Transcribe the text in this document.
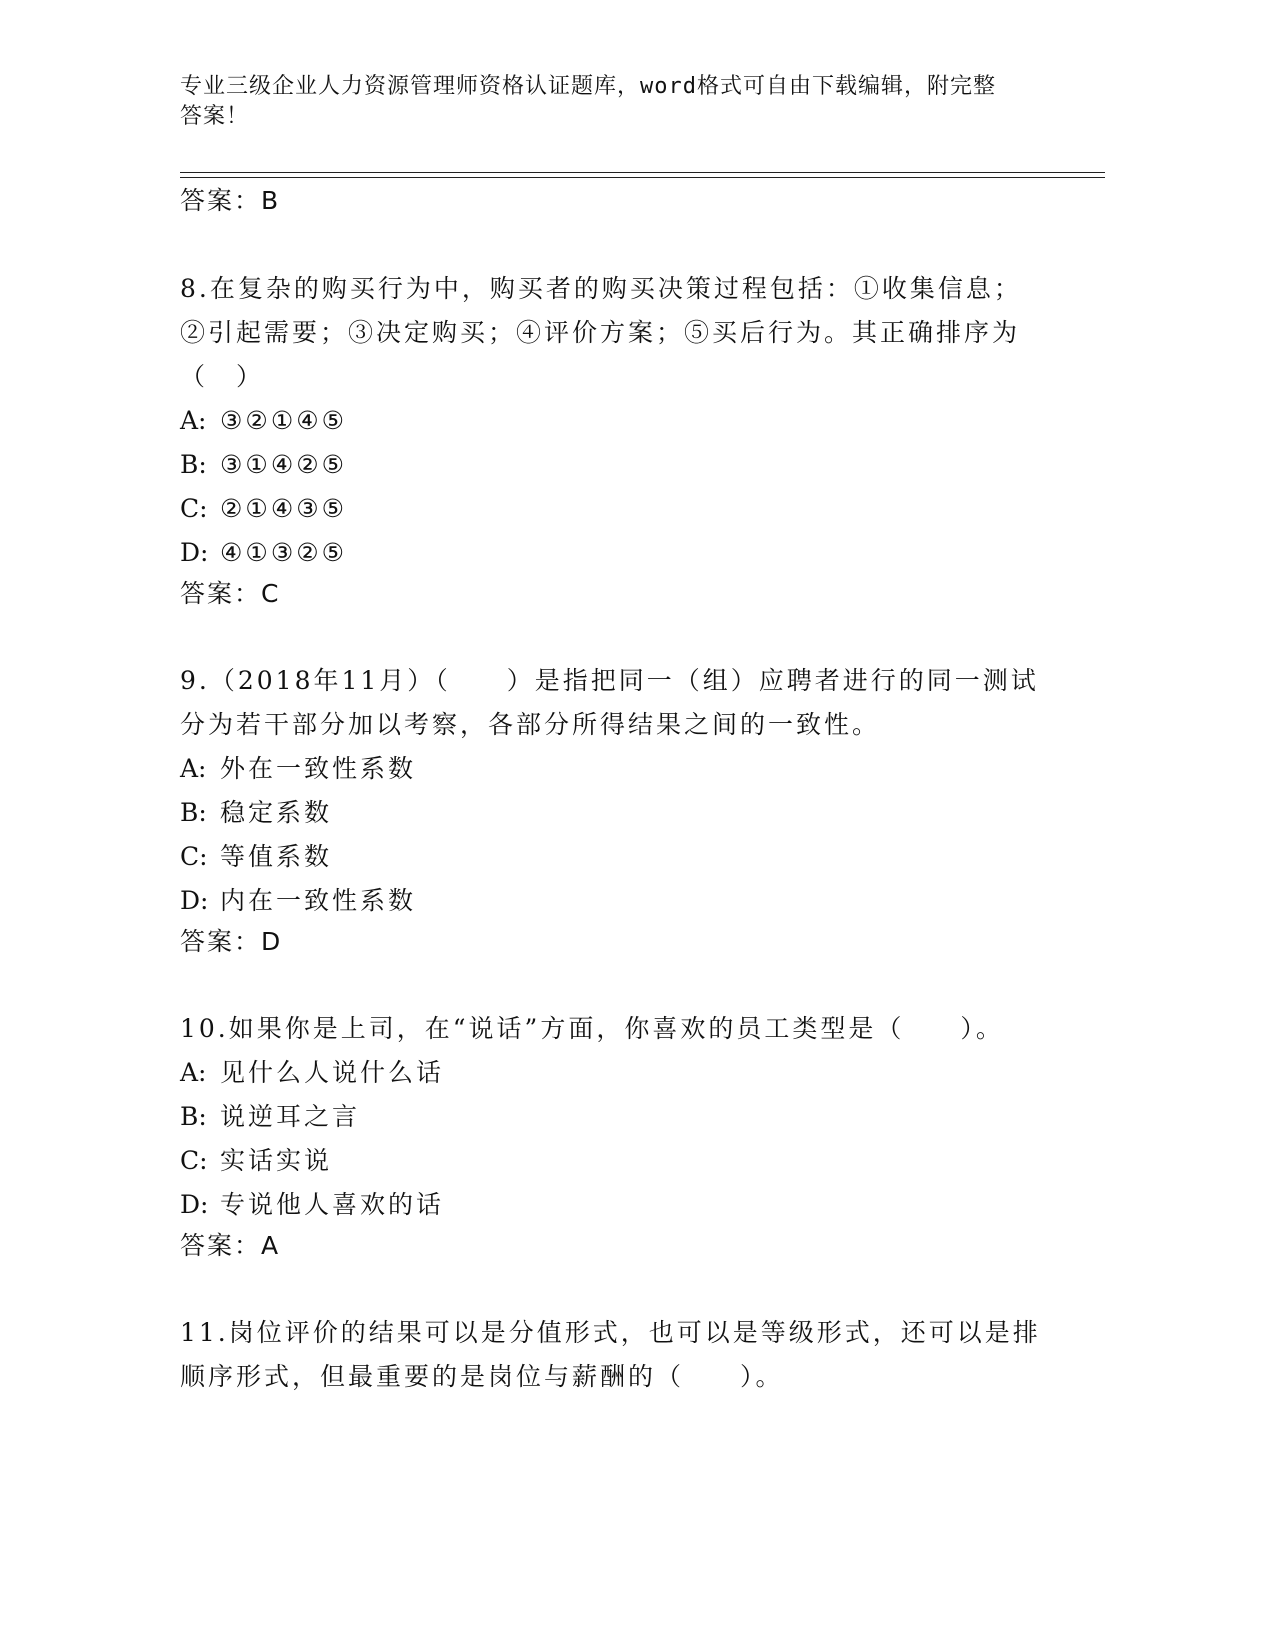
专业三级企业人力资源管理师资格认证题库，word格式可自由下载编辑，附完整
答案！
答案：B
8.在复杂的购买行为中，购买者的购买决策过程包括：①收集信息；
②引起需要；③决定购买；④评价方案；⑤买后行为。其正确排序为
（　）
A: ③②①④⑤
B: ③①④②⑤
C: ②①④③⑤
D: ④①③②⑤
答案：C
9.（2018年11月）（　　）是指把同一（组）应聘者进行的同一测试
分为若干部分加以考察，各部分所得结果之间的一致性。
A: 外在一致性系数
B: 稳定系数
C: 等值系数
D: 内在一致性系数
答案：D
10.如果你是上司，在“说话”方面，你喜欢的员工类型是（　　）。
A: 见什么人说什么话
B: 说逆耳之言
C: 实话实说
D: 专说他人喜欢的话
答案：A
11.岗位评价的结果可以是分值形式，也可以是等级形式，还可以是排
顺序形式，但最重要的是岗位与薪酬的（　　）。
